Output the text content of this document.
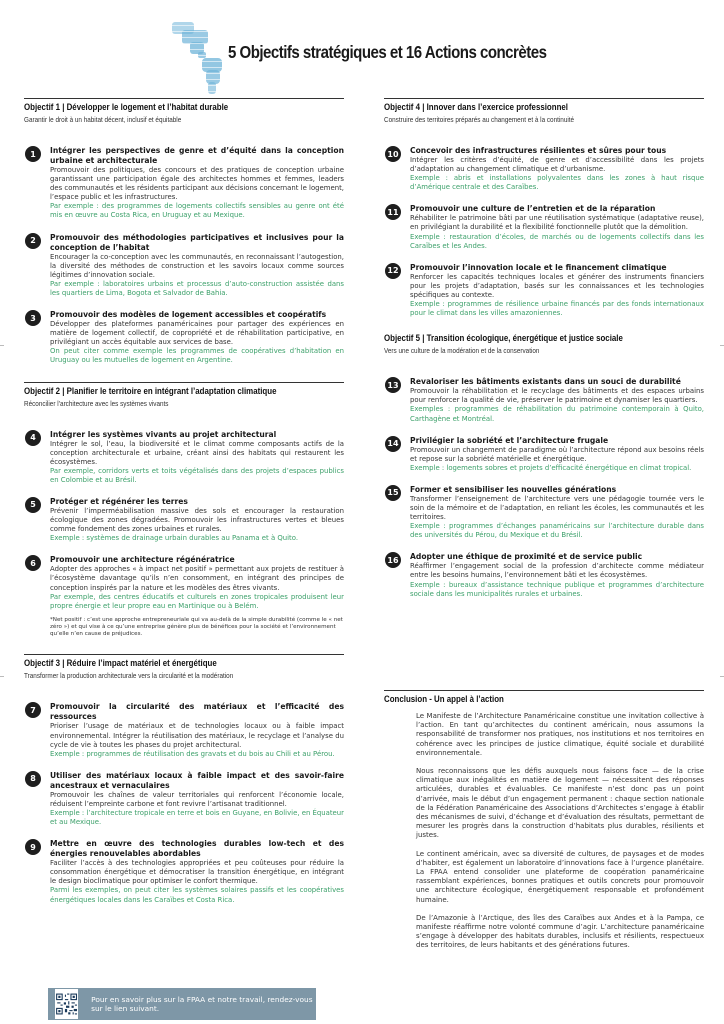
5 Objectifs stratégiques et 16 Actions concrètes
Objectif 1 | Développer le logement et l’habitat durable
Garantir le droit à un habitat décent, inclusif et équitable
1	Intégrer les perspectives de genre et d’équité dans la conception urbaine et architecturale
Promouvoir des politiques, des concours et des pratiques de conception urbaine garantissant une participation égale des architectes hommes et femmes, leaders des communautés et les résidents participant aux décisions concernant le logement, l’espace public et les infrastructures.
Par exemple : des programmes de logements collectifs sensibles au genre ont été mis en œuvre au Costa Rica, en Uruguay et au Mexique.
2	Promouvoir des méthodologies participatives et inclusives pour la conception de l’habitat
Encourager la co-conception avec les communautés, en reconnaissant l’autogestion, la diversité des méthodes de construction et les savoirs locaux comme sources légitimes d’innovation sociale.
Par exemple : laboratoires urbains et processus d’auto-construction assistée dans les quartiers de Lima, Bogota et Salvador de Bahia.
3	Promouvoir des modèles de logement accessibles et coopératifs
Développer des plateformes panaméricaines pour partager des expériences en matière de logement collectif, de copropriété et de réhabilitation participative, en privilégiant un accès équitable aux services de base.
On peut citer comme exemple les programmes de coopératives d’habitation en Uruguay ou les mutuelles de logement en Argentine.
Objectif 2 | Planifier le territoire en intégrant l’adaptation climatique
Réconcilier l’architecture avec les systèmes vivants
4	Intégrer les systèmes vivants au projet architectural
Intégrer le sol, l’eau, la biodiversité et le climat comme composants actifs de la conception architecturale et urbaine, créant ainsi des habitats qui restaurent les écosystèmes.
Par exemple, corridors verts et toits végétalisés dans des projets d’espaces publics en Colombie et au Brésil.
5	Protéger et régénérer les terres
Prévenir l’imperméabilisation massive des sols et encourager la restauration écologique des zones dégradées. Promouvoir les infrastructures vertes et bleues comme fondement des zones urbaines et rurales.
Exemple : systèmes de drainage urbain durables au Panama et à Quito.
6	Promouvoir une architecture régénératrice
Adopter des approches « à impact net positif » permettant aux projets de restituer à l’écosystème davantage qu’ils n’en consomment, en intégrant des principes de conception inspirés par la nature et les modèles des êtres vivants.
Par exemple, des centres éducatifs et culturels en zones tropicales produisent leur propre énergie et leur propre eau en Martinique ou à Belém.
*Net positif : c’est une approche entrepreneuriale qui va au-delà de la simple durabilité (comme le « net zéro ») et qui vise à ce qu’une entreprise génère plus de bénéfices pour la société et l’environnement qu’elle n’en cause de préjudices.
Objectif 3 | Réduire l’impact matériel et énergétique
Transformer la production architecturale vers la circularité et la modération
7	Promouvoir la circularité des matériaux et l’efficacité des ressources
Prioriser l’usage de matériaux et de technologies locaux ou à faible impact environnemental. Intégrer la réutilisation des matériaux, le recyclage et l’analyse du cycle de vie à toutes les phases du projet architectural.
Exemple : programmes de réutilisation des gravats et du bois au Chili et au Pérou.
8	Utiliser des matériaux locaux à faible impact et des savoir-faire ancestraux et vernaculaires
Promouvoir les chaînes de valeur territoriales qui renforcent l’économie locale, réduisent l’empreinte carbone et font revivre l’artisanat traditionnel.
Exemple : l’architecture tropicale en terre et bois en Guyane, en Bolivie, en Équateur et au Mexique.
9	Mettre en œuvre des technologies durables low-tech et des énergies renouvelables abordables
Faciliter l’accès à des technologies appropriées et peu coûteuses pour réduire la consommation énergétique et démocratiser la transition énergétique, en intégrant le design bioclimatique pour optimiser le confort thermique.
Parmi les exemples, on peut citer les systèmes solaires passifs et les coopératives énergétiques locales dans les Caraïbes et Costa Rica.
Pour en savoir plus sur la FPAA et notre travail, rendez-vous sur le lien suivant.
Objectif 4 | Innover dans l’exercice professionnel
Construire des territoires préparés au changement et à la continuité
10	Concevoir des infrastructures résilientes et sûres pour tous
Intégrer les critères d’équité, de genre et d’accessibilité dans les projets d’adaptation au changement climatique et d’urbanisme.
Exemple : abris et installations polyvalentes dans les zones à haut risque d’Amérique centrale et des Caraïbes.
11	Promouvoir une culture de l’entretien et de la réparation
Réhabiliter le patrimoine bâti par une réutilisation systématique (adaptative reuse), en privilégiant la durabilité et la flexibilité fonctionnelle plutôt que la démolition.
Exemple : restauration d’écoles, de marchés ou de logements collectifs dans les Caraïbes et les Andes.
12	Promouvoir l’innovation locale et le financement climatique
Renforcer les capacités techniques locales et générer des instruments financiers pour les projets d’adaptation, basés sur les connaissances et les technologies spécifiques au contexte.
Exemple : programmes de résilience urbaine financés par des fonds internationaux pour le climat dans les villes amazoniennes.
Objectif 5 | Transition écologique, énergétique et justice sociale
Vers une culture de la modération et de la conservation
13	Revaloriser les bâtiments existants dans un souci de durabilité
Promouvoir la réhabilitation et le recyclage des bâtiments et des espaces urbains pour renforcer la qualité de vie, préserver le patrimoine et dynamiser les quartiers.
Exemples : programmes de réhabilitation du patrimoine contemporain à Quito, Carthagène et Montréal.
14	Privilégier la sobriété et l’architecture frugale
Promouvoir un changement de paradigme où l’architecture répond aux besoins réels et repose sur la sobriété matérielle et énergétique.
Exemple : logements sobres et projets d’efficacité énergétique en climat tropical.
15	Former et sensibiliser les nouvelles générations
Transformer l’enseignement de l’architecture vers une pédagogie tournée vers le soin de la mémoire et de l’adaptation, en reliant les écoles, les communautés et les territoires.
Exemple : programmes d’échanges panaméricains sur l’architecture durable dans des universités du Pérou, du Mexique et du Brésil.
16	Adopter une éthique de proximité et de service public
Réaffirmer l’engagement social de la profession d’architecte comme médiateur entre les besoins humains, l’environnement bâti et les écosystèmes.
Exemple : bureaux d’assistance technique publique et programmes d’architecture sociale dans les municipalités rurales et urbaines.
Conclusion - Un appel à l’action

Le Manifeste de l’Architecture Panaméricaine constitue une invitation collective à l’action. En tant qu’architectes du continent américain, nous assumons la responsabilité de transformer nos pratiques, nos institutions et nos territoires en cohérence avec les principes de justice climatique, équité sociale et durabilité environnementale.

Nous reconnaissons que les défis auxquels nous faisons face — de la crise climatique aux inégalités en matière de logement — nécessitent des réponses articulées, durables et évaluables. Ce manifeste n’est donc pas un point d’arrivée, mais le début d’un engagement permanent : chaque section nationale de la Fédération Panaméricaine des Associations d’Architectes s’engage à établir des mécanismes de suivi, d’échange et d’évaluation des résultats, permettant de mesurer les progrès dans la construction d’habitats plus durables, résilients et justes.

Le continent américain, avec sa diversité de cultures, de paysages et de modes d’habiter, est également un laboratoire d’innovations face à l’urgence planétaire. La FPAA entend consolider une plateforme de coopération panaméricaine rassemblant expériences, bonnes pratiques et outils concrets pour promouvoir une architecture écologique, énergétiquement responsable et profondément humaine.

De l’Amazonie à l’Arctique, des îles des Caraïbes aux Andes et à la Pampa, ce manifeste réaffirme notre volonté commune d’agir. L’architecture panaméricaine s’engage à développer des habitats durables, inclusifs et résilients, respectueux des territoires, de leurs habitants et des générations futures.
